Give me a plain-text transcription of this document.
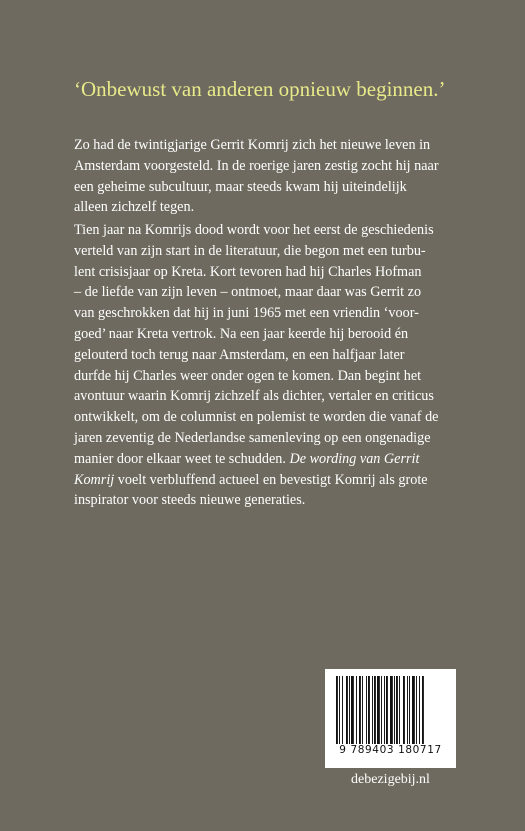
‘Onbewust van anderen opnieuw beginnen.’

Zo had de twintigjarige Gerrit Komrij zich het nieuwe leven in
Amsterdam voorgesteld. In de roerige jaren zestig zocht hij naar
een geheime subcultuur, maar steeds kwam hij uiteindelijk
alleen zichzelf tegen.

Tien jaar na Komrijs dood wordt voor het eerst de geschiedenis
verteld van zijn start in de literatuur, die begon met een turbu-
lent crisisjaar op Kreta. Kort tevoren had hij Charles Hofman
– de liefde van zijn leven – ontmoet, maar daar was Gerrit zo
van geschrokken dat hij in juni 1965 met een vriendin ‘voor-
goed’ naar Kreta vertrok. Na een jaar keerde hij berooid én
gelouterd toch terug naar Amsterdam, en een halfjaar later
durfde hij Charles weer onder ogen te komen. Dan begint het
avontuur waarin Komrij zichzelf als dichter, vertaler en criticus
ontwikkelt, om de columnist en polemist te worden die vanaf de
jaren zeventig de Nederlandse samenleving op een ongenadige
manier door elkaar weet te schudden. De wording van Gerrit
Komrij voelt verbluffend actueel en bevestigt Komrij als grote
inspirator voor steeds nieuwe generaties.

9 789403 180717
debezigebij.nl
